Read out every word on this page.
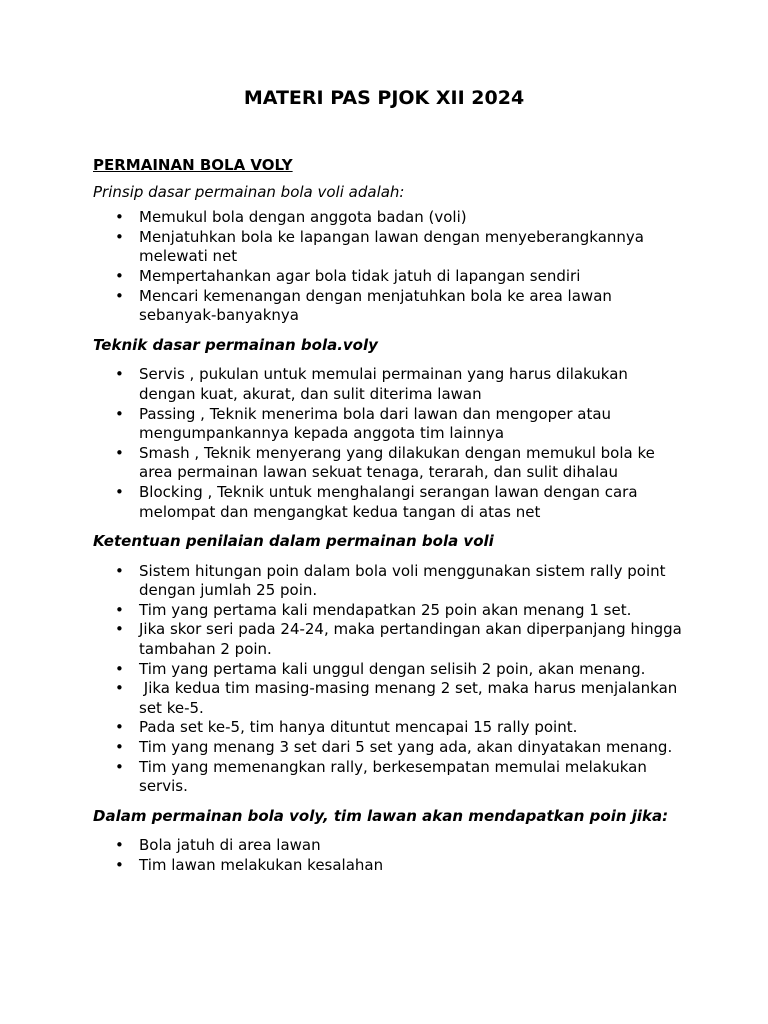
MATERI PAS PJOK XII 2024
PERMAINAN BOLA VOLY
Prinsip dasar permainan bola voli adalah:
• Memukul bola dengan anggota badan (voli)
• Menjatuhkan bola ke lapangan lawan dengan menyeberangkannya melewati net
• Mempertahankan agar bola tidak jatuh di lapangan sendiri
• Mencari kemenangan dengan menjatuhkan bola ke area lawan sebanyak-banyaknya
Teknik dasar permainan bola.voly
• Servis , pukulan untuk memulai permainan yang harus dilakukan dengan kuat, akurat, dan sulit diterima lawan
• Passing , Teknik menerima bola dari lawan dan mengoper atau mengumpankannya kepada anggota tim lainnya
• Smash , Teknik menyerang yang dilakukan dengan memukul bola ke area permainan lawan sekuat tenaga, terarah, dan sulit dihalau
• Blocking , Teknik untuk menghalangi serangan lawan dengan cara melompat dan mengangkat kedua tangan di atas net
Ketentuan penilaian dalam permainan bola voli
• Sistem hitungan poin dalam bola voli menggunakan sistem rally point dengan jumlah 25 poin.
• Tim yang pertama kali mendapatkan 25 poin akan menang 1 set.
• Jika skor seri pada 24-24, maka pertandingan akan diperpanjang hingga tambahan 2 poin.
• Tim yang pertama kali unggul dengan selisih 2 poin, akan menang.
• Jika kedua tim masing-masing menang 2 set, maka harus menjalankan set ke-5.
• Pada set ke-5, tim hanya dituntut mencapai 15 rally point.
• Tim yang menang 3 set dari 5 set yang ada, akan dinyatakan menang.
• Tim yang memenangkan rally, berkesempatan memulai melakukan servis.
Dalam permainan bola voly, tim lawan akan mendapatkan poin jika:
• Bola jatuh di area lawan
• Tim lawan melakukan kesalahan
